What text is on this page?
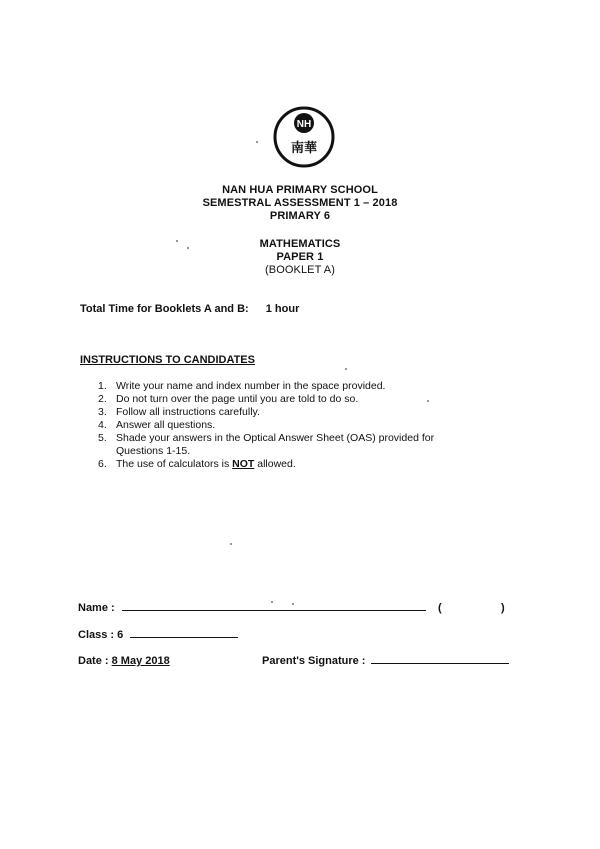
NH
南華
NAN HUA PRIMARY SCHOOL
SEMESTRAL ASSESSMENT 1 – 2018
PRIMARY 6
MATHEMATICS
PAPER 1
(BOOKLET A)
Total Time for Booklets A and B: 1 hour
INSTRUCTIONS TO CANDIDATES
1. Write your name and index number in the space provided.
2. Do not turn over the page until you are told to do so.
3. Follow all instructions carefully.
4. Answer all questions.
5. Shade your answers in the Optical Answer Sheet (OAS) provided for Questions 1-15.
6. The use of calculators is NOT allowed.
Name :	(	)
Class : 6
Date : 8 May 2018	Parent's Signature :
